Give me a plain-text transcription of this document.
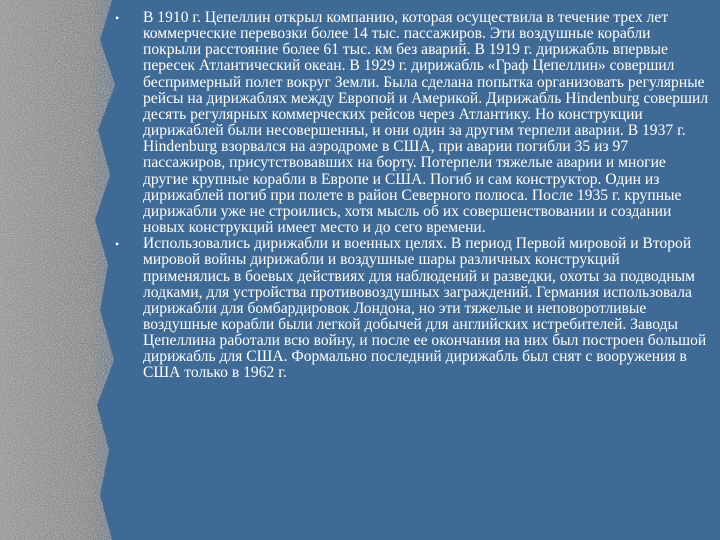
• В 1910 г. Цепеллин открыл компанию, которая осуществила в течение трех лет коммерческие перевозки более 14 тыс. пассажиров. Эти воздушные корабли покрыли расстояние более 61 тыс. км без аварий. В 1919 г. дирижабль впервые пересек Атлантический океан. В 1929 г. дирижабль «Граф Цепеллин» совершил беспримерный полет вокруг Земли. Была сделана попытка организовать регулярные рейсы на дирижаблях между Европой и Америкой. Дирижабль Hindenburg совершил десять регулярных коммерческих рейсов через Атлантику. Но конструкции дирижаблей были несовершенны, и они один за другим терпели аварии. В 1937 г. Hindenburg взорвался на аэродроме в США, при аварии погибли 35 из 97 пассажиров, присутствовавших на борту. Потерпели тяжелые аварии и многие другие крупные корабли в Европе и США. Погиб и сам конструктор. Один из дирижаблей погиб при полете в район Северного полюса. После 1935 г. крупные дирижабли уже не строились, хотя мысль об их совершенствовании и создании новых конструкций имеет место и до сего времени.

• Использовались дирижабли и военных целях. В период Первой мировой и Второй мировой войны дирижабли и воздушные шары различных конструкций применялись в боевых действиях для наблюдений и разведки, охоты за подводным лодками, для устройства противовоздушных заграждений. Германия использовала дирижабли для бомбардировок Лондона, но эти тяжелые и неповоротливые воздушные корабли были легкой добычей для английских истребителей. Заводы Цепеллина работали всю войну, и после ее окончания на них был построен большой дирижабль для США. Формально последний дирижабль был снят с вооружения в США только в 1962 г.
